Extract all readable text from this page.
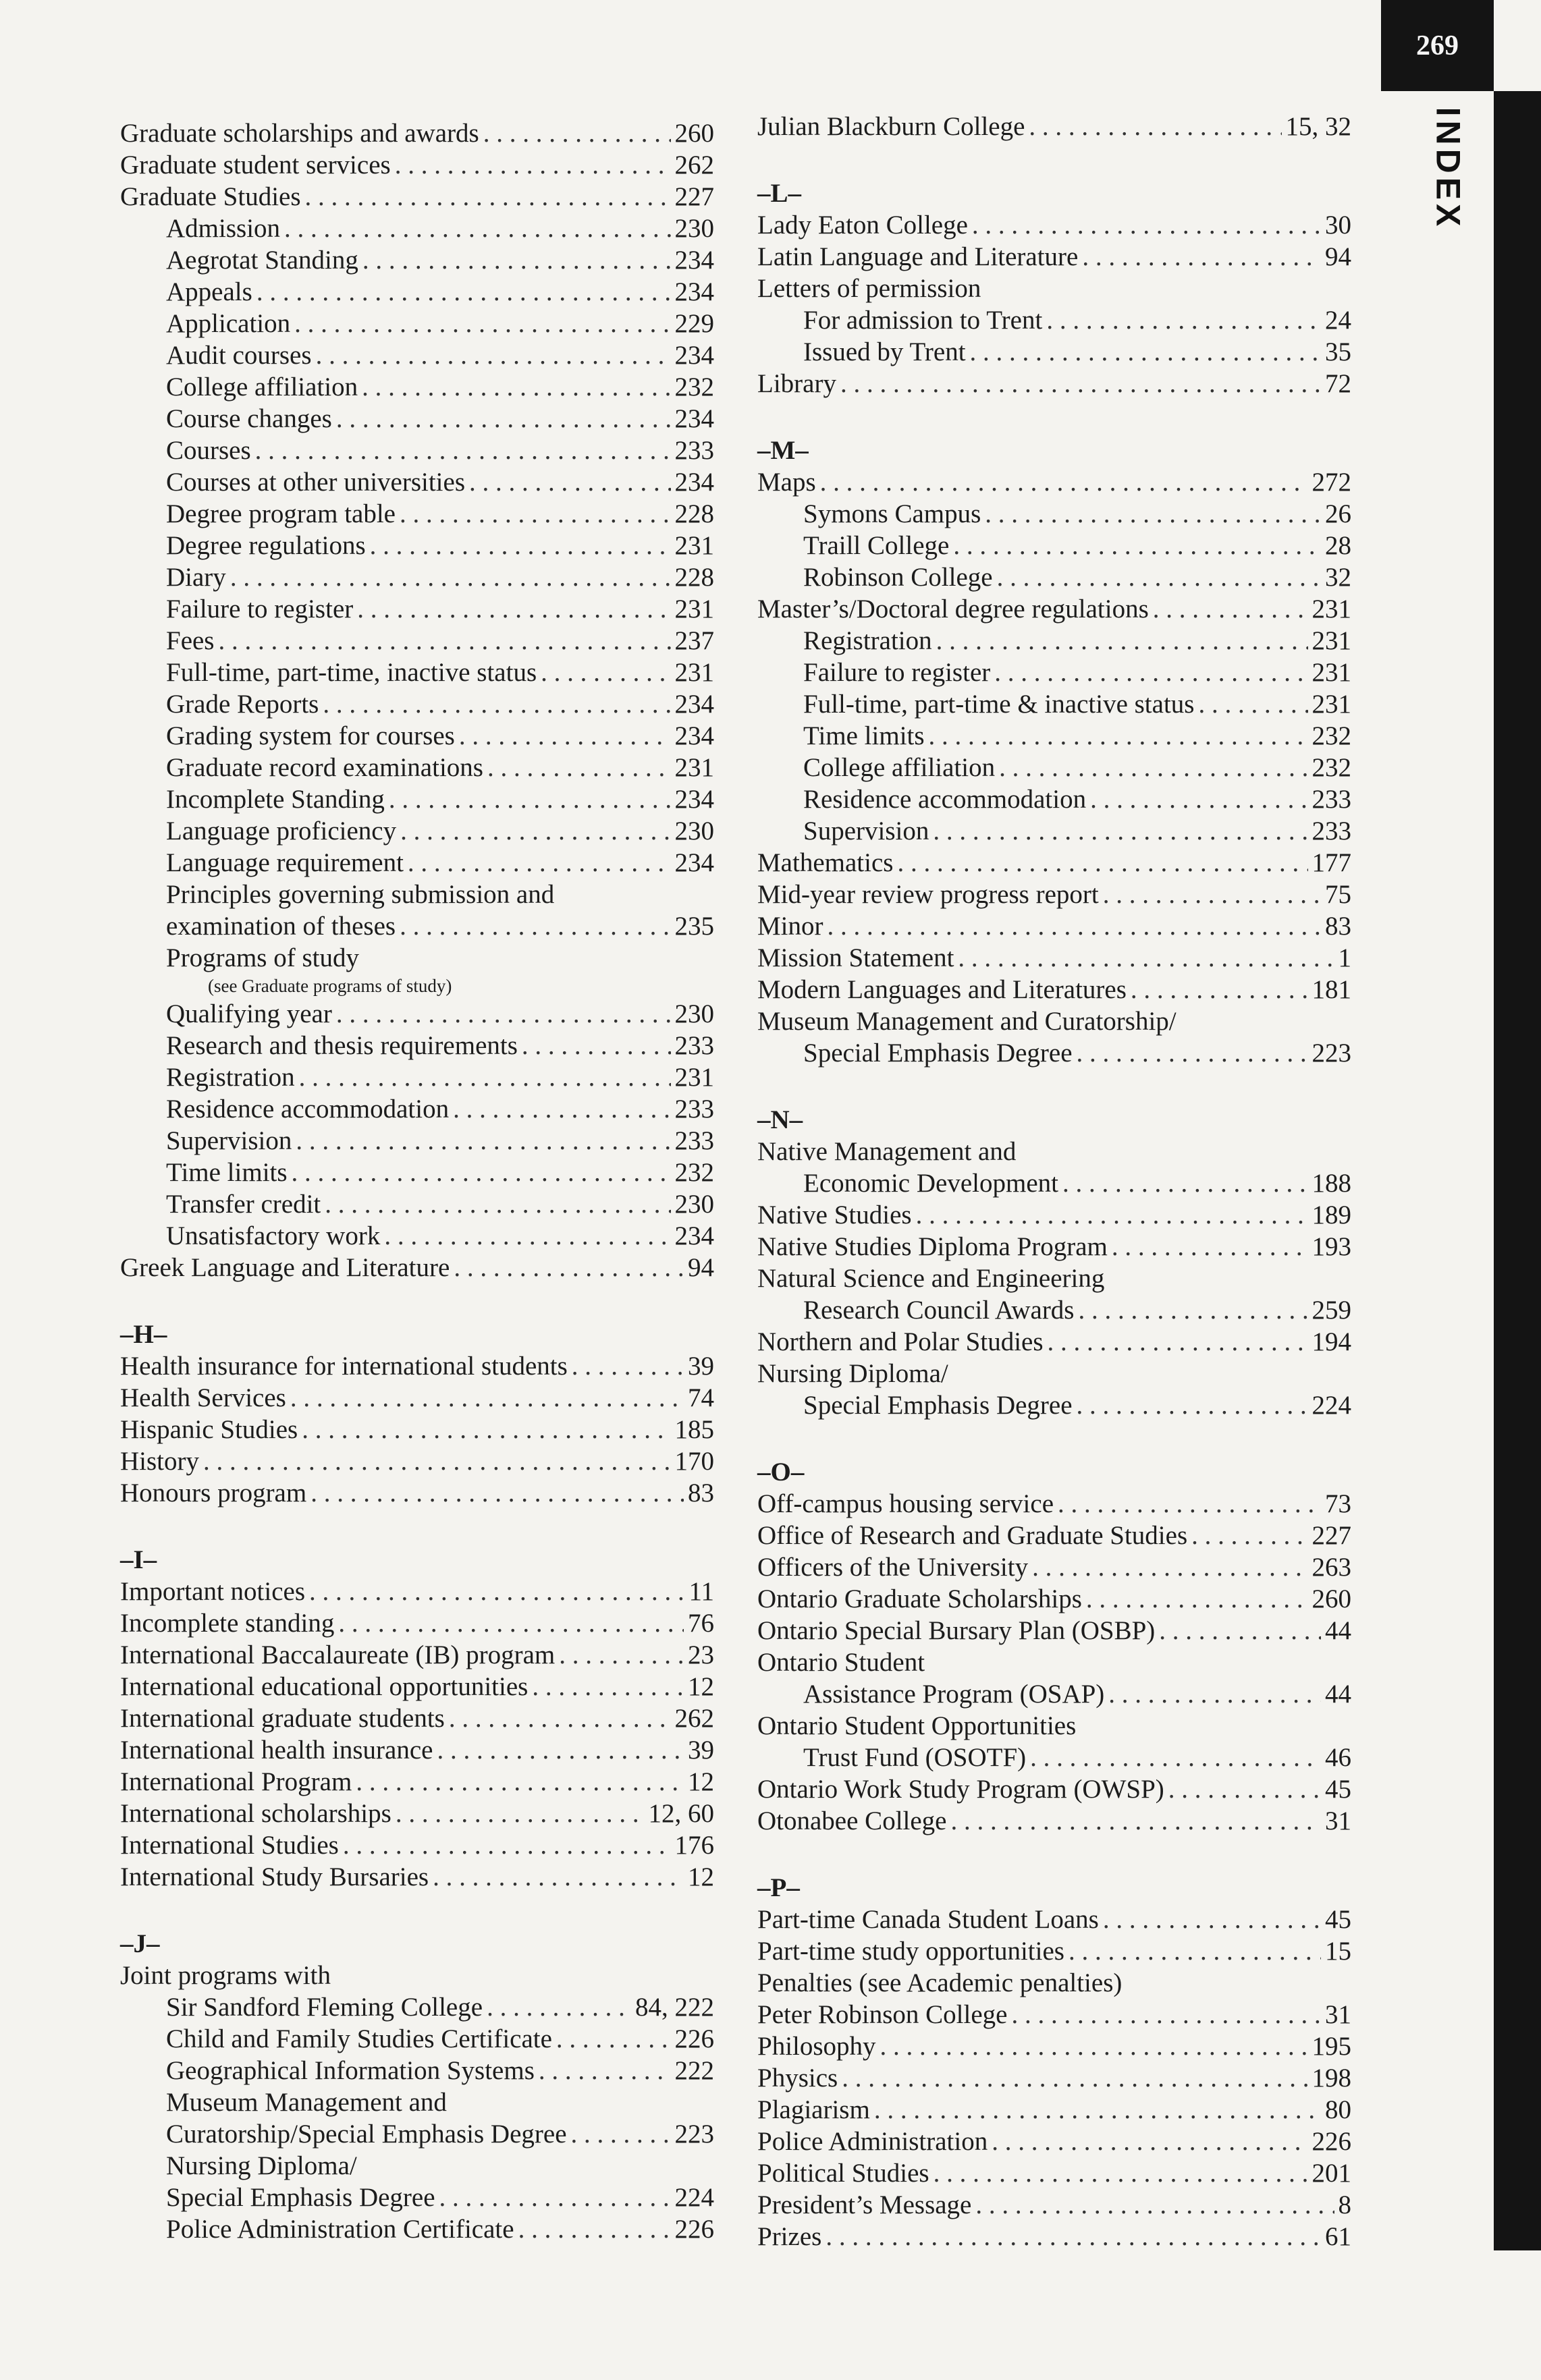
269
INDEX
Graduate scholarships and awards . . .	260
Graduate student services . . .	262
Graduate Studies . . .	227
Admission . . .	230
Aegrotat Standing . . .	234
Appeals . . .	234
Application . . .	229
Audit courses . . .	234
College affiliation . . .	232
Course changes . . .	234
Courses . . .	233
Courses at other universities . . .	234
Degree program table . . .	228
Degree regulations . . .	231
Diary . . .	228
Failure to register . . .	231
Fees . . .	237
Full-time, part-time, inactive status . . .	231
Grade Reports . . .	234
Grading system for courses . . .	234
Graduate record examinations . . .	231
Incomplete Standing . . .	234
Language proficiency . . .	230
Language requirement . . .	234
Principles governing submission and
examination of theses . . .	235
Programs of study
(see Graduate programs of study)
Qualifying year . . .	230
Research and thesis requirements . . .	233
Registration . . .	231
Residence accommodation . . .	233
Supervision . . .	233
Time limits . . .	232
Transfer credit . . .	230
Unsatisfactory work . . .	234
Greek Language and Literature . . .	94
–H–
Health insurance for international students . . .	39
Health Services . . .	74
Hispanic Studies . . .	185
History . . .	170
Honours program . . .	83
–I–
Important notices . . .	11
Incomplete standing . . .	76
International Baccalaureate (IB) program . . .	23
International educational opportunities . . .	12
International graduate students . . .	262
International health insurance . . .	39
International Program . . .	12
International scholarships . . .	12, 60
International Studies . . .	176
International Study Bursaries . . .	12
–J–
Joint programs with
Sir Sandford Fleming College . . .	84, 222
Child and Family Studies Certificate . . .	226
Geographical Information Systems . . .	222
Museum Management and
Curatorship/Special Emphasis Degree . . .	223
Nursing Diploma/
Special Emphasis Degree . . .	224
Police Administration Certificate . . .	226
Julian Blackburn College . . .	15, 32
–L–
Lady Eaton College . . .	30
Latin Language and Literature . . .	94
Letters of permission
For admission to Trent . . .	24
Issued by Trent . . .	35
Library . . .	72
–M–
Maps . . .	272
Symons Campus . . .	26
Traill College . . .	28
Robinson College . . .	32
Master’s/Doctoral degree regulations . . .	231
Registration . . .	231
Failure to register . . .	231
Full-time, part-time & inactive status . . .	231
Time limits . . .	232
College affiliation . . .	232
Residence accommodation . . .	233
Supervision . . .	233
Mathematics . . .	177
Mid-year review progress report . . .	75
Minor . . .	83
Mission Statement . . .	1
Modern Languages and Literatures . . .	181
Museum Management and Curatorship/
Special Emphasis Degree . . .	223
–N–
Native Management and
Economic Development . . .	188
Native Studies . . .	189
Native Studies Diploma Program . . .	193
Natural Science and Engineering
Research Council Awards . . .	259
Northern and Polar Studies . . .	194
Nursing Diploma/
Special Emphasis Degree . . .	224
–O–
Off-campus housing service . . .	73
Office of Research and Graduate Studies . . .	227
Officers of the University . . .	263
Ontario Graduate Scholarships . . .	260
Ontario Special Bursary Plan (OSBP) . . .	44
Ontario Student
Assistance Program (OSAP) . . .	44
Ontario Student Opportunities
Trust Fund (OSOTF) . . .	46
Ontario Work Study Program (OWSP) . . .	45
Otonabee College . . .	31
–P–
Part-time Canada Student Loans . . .	45
Part-time study opportunities . . .	15
Penalties (see Academic penalties)
Peter Robinson College . . .	31
Philosophy . . .	195
Physics . . .	198
Plagiarism . . .	80
Police Administration . . .	226
Political Studies . . .	201
President’s Message . . .	8
Prizes . . .	61
